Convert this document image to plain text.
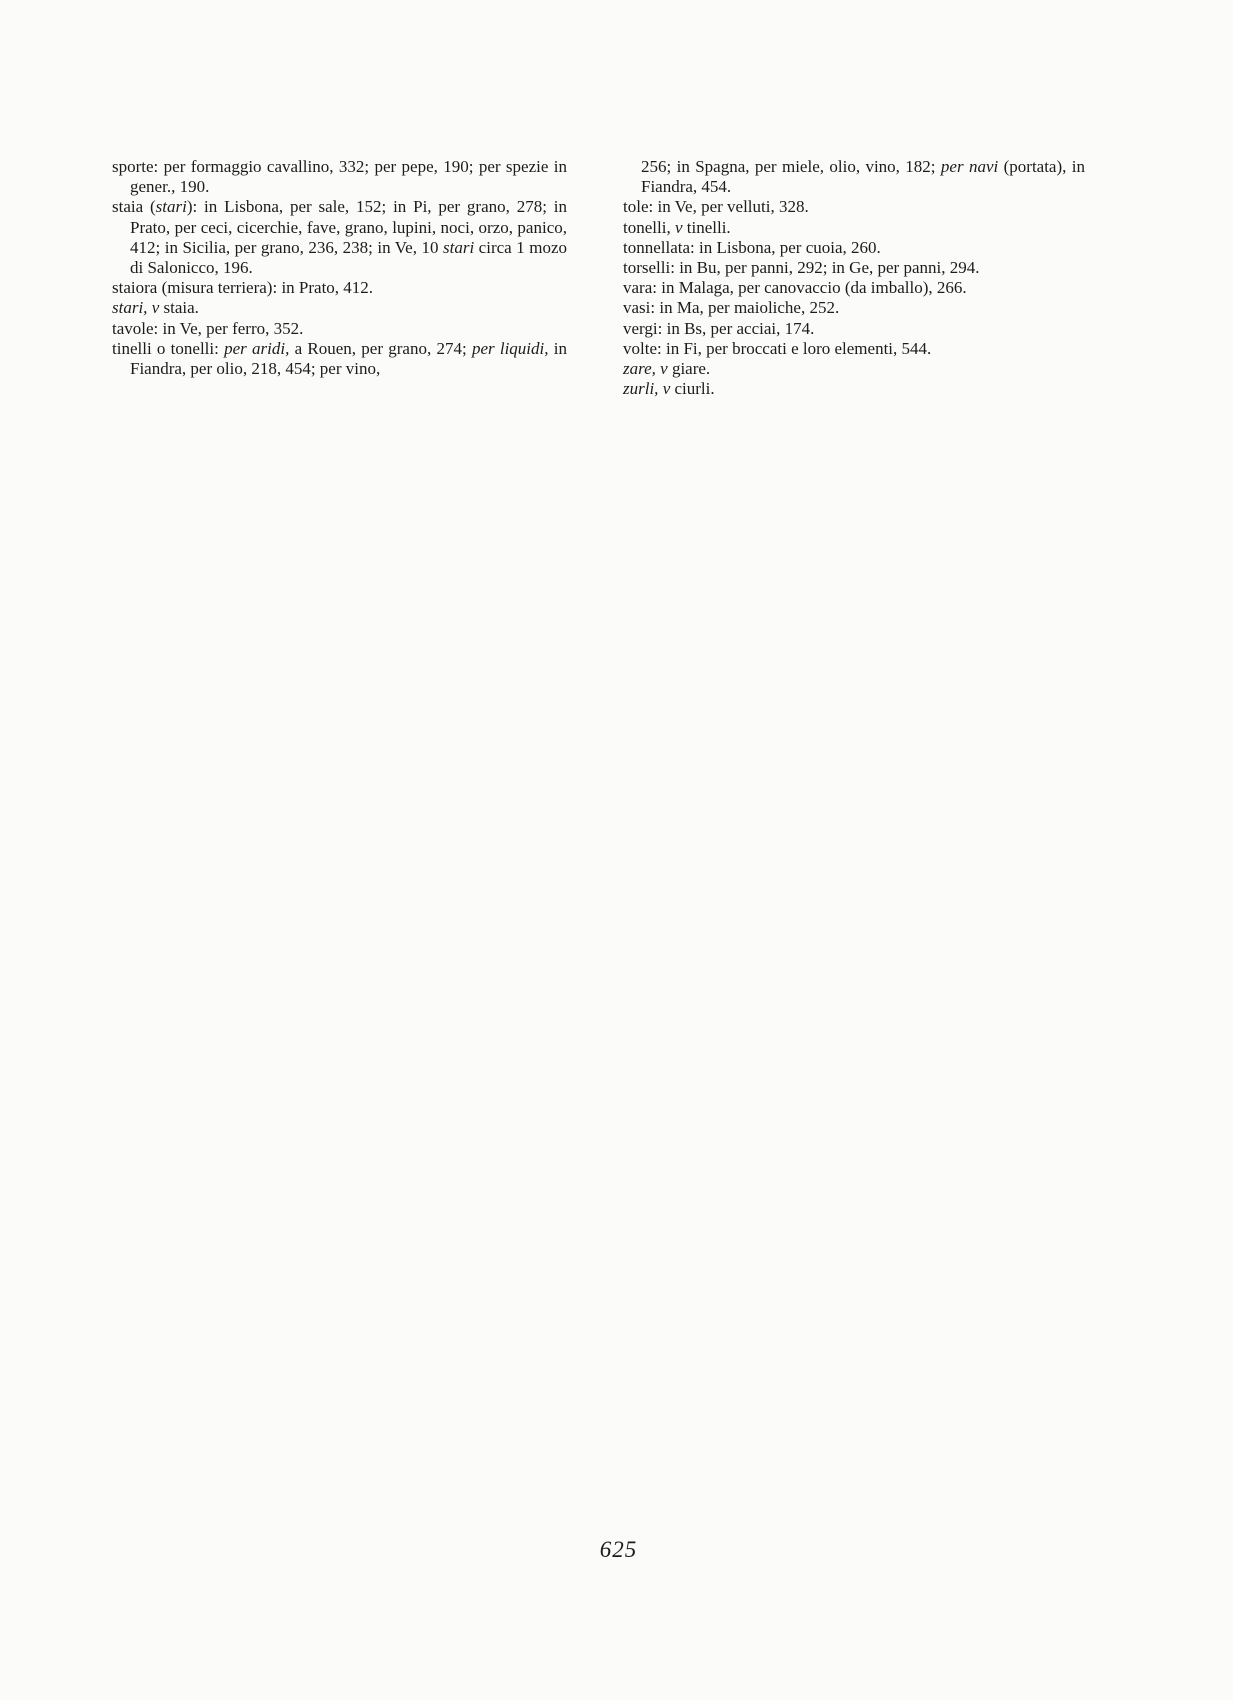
sporte: per formaggio cavallino, 332; per pepe, 190; per spezie in gener., 190.

staia (stari): in Lisbona, per sale, 152; in Pi, per grano, 278; in Prato, per ceci, cicerchie, fave, grano, lupini, noci, orzo, panico, 412; in Sicilia, per grano, 236, 238; in Ve, 10 stari circa 1 mozo di Salonicco, 196.

staiora (misura terriera): in Prato, 412.

stari, v staia.

tavole: in Ve, per ferro, 352.

tinelli o tonelli: per aridi, a Rouen, per grano, 274; per liquidi, in Fiandra, per olio, 218, 454; per vino,

256; in Spagna, per miele, olio, vino, 182; per navi (portata), in Fiandra, 454.

tole: in Ve, per velluti, 328.

tonelli, v tinelli.

tonnellata: in Lisbona, per cuoia, 260.

torselli: in Bu, per panni, 292; in Ge, per panni, 294.

vara: in Malaga, per canovaccio (da imballo), 266.

vasi: in Ma, per maioliche, 252.

vergi: in Bs, per acciai, 174.

volte: in Fi, per broccati e loro elementi, 544.

zare, v giare.

zurli, v ciurli.

625
